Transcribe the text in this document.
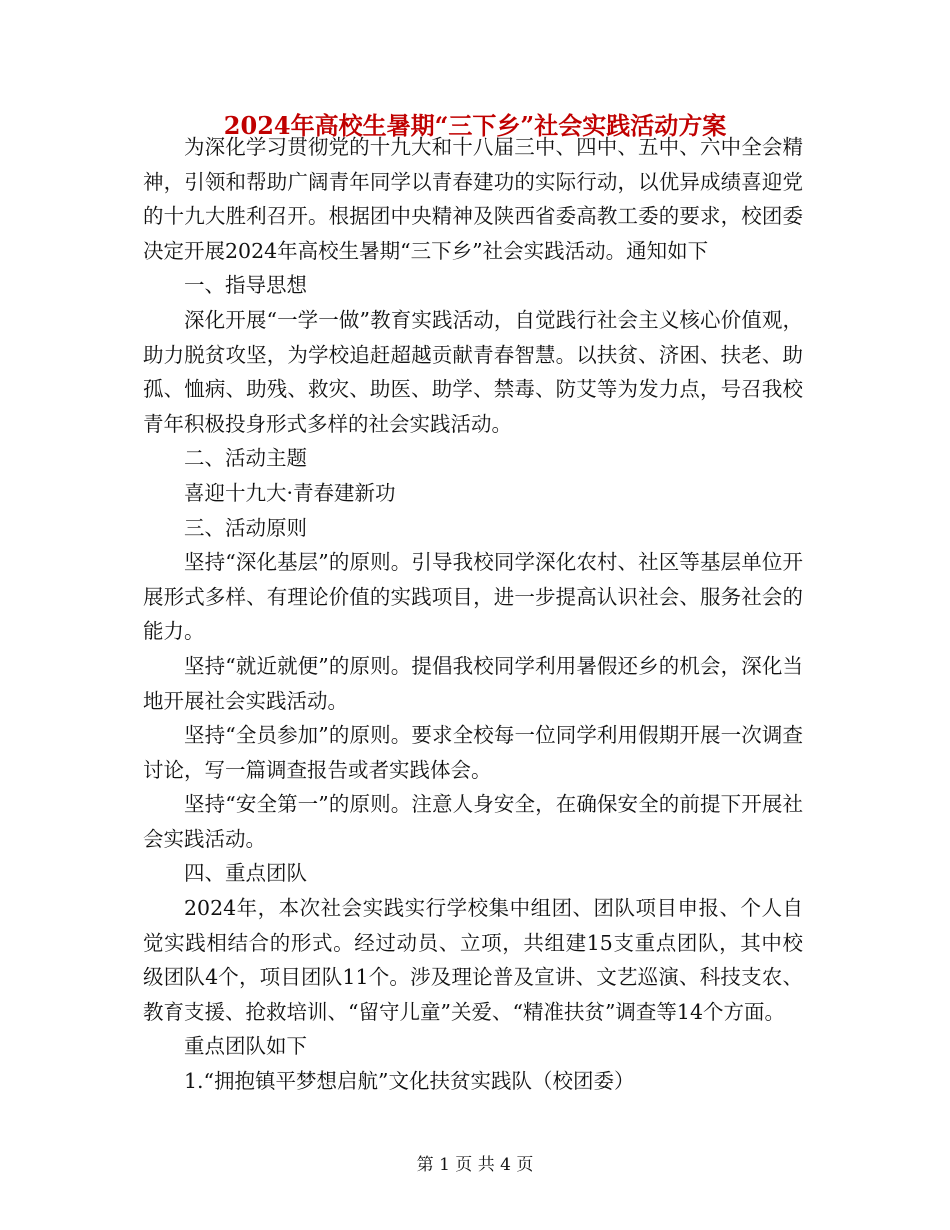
2024年高校生暑期“三下乡”社会实践活动方案

为深化学习贯彻党的十九大和十八届三中、四中、五中、六中全会精神，引领和帮助广阔青年同学以青春建功的实际行动，以优异成绩喜迎党的十九大胜利召开。根据团中央精神及陕西省委高教工委的要求，校团委决定开展2024年高校生暑期“三下乡”社会实践活动。通知如下

一、指导思想

深化开展“一学一做”教育实践活动，自觉践行社会主义核心价值观，助力脱贫攻坚，为学校追赶超越贡献青春智慧。以扶贫、济困、扶老、助孤、恤病、助残、救灾、助医、助学、禁毒、防艾等为发力点，号召我校青年积极投身形式多样的社会实践活动。

二、活动主题

喜迎十九大·青春建新功

三、活动原则

坚持“深化基层”的原则。引导我校同学深化农村、社区等基层单位开展形式多样、有理论价值的实践项目，进一步提高认识社会、服务社会的能力。

坚持“就近就便”的原则。提倡我校同学利用暑假还乡的机会，深化当地开展社会实践活动。

坚持“全员参加”的原则。要求全校每一位同学利用假期开展一次调查讨论，写一篇调查报告或者实践体会。

坚持“安全第一”的原则。注意人身安全，在确保安全的前提下开展社会实践活动。

四、重点团队

2024年，本次社会实践实行学校集中组团、团队项目申报、个人自觉实践相结合的形式。经过动员、立项，共组建15支重点团队，其中校级团队4个，项目团队11个。涉及理论普及宣讲、文艺巡演、科技支农、教育支援、抢救培训、“留守儿童”关爱、“精准扶贫”调查等14个方面。

重点团队如下

1.“拥抱镇平梦想启航”文化扶贫实践队（校团委）

第 1 页 共 4 页
